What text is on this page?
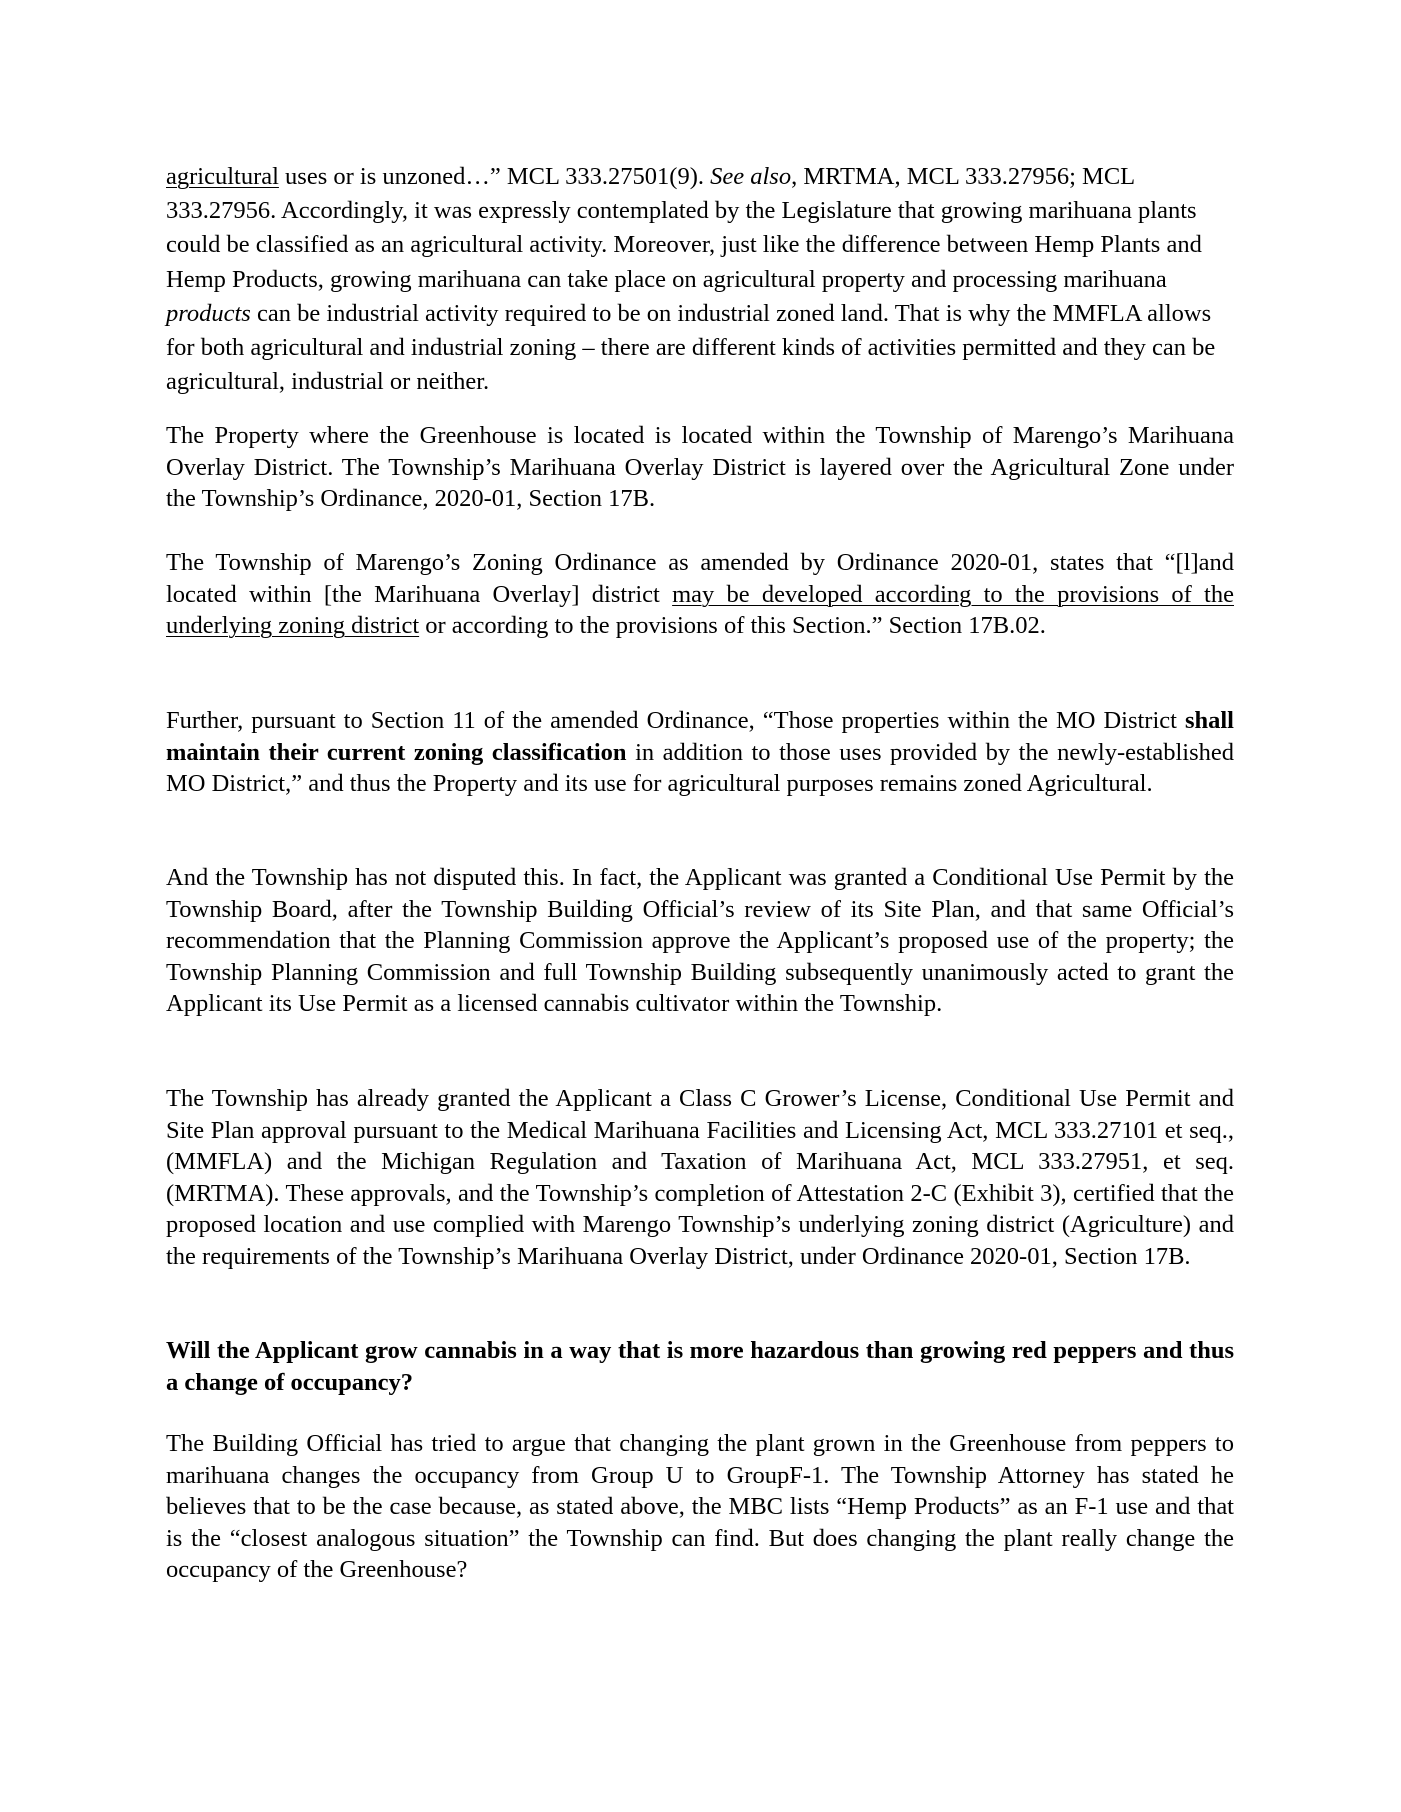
agricultural uses or is unzoned…” MCL 333.27501(9). See also, MRTMA, MCL 333.27956; MCL 333.27956. Accordingly, it was expressly contemplated by the Legislature that growing marihuana plants could be classified as an agricultural activity. Moreover, just like the difference between Hemp Plants and Hemp Products, growing marihuana can take place on agricultural property and processing marihuana products can be industrial activity required to be on industrial zoned land. That is why the MMFLA allows for both agricultural and industrial zoning – there are different kinds of activities permitted and they can be agricultural, industrial or neither.

The Property where the Greenhouse is located is located within the Township of Marengo’s Marihuana Overlay District. The Township’s Marihuana Overlay District is layered over the Agricultural Zone under the Township’s Ordinance, 2020-01, Section 17B.

The Township of Marengo’s Zoning Ordinance as amended by Ordinance 2020-01, states that “[l]and located within [the Marihuana Overlay] district may be developed according to the provisions of the underlying zoning district or according to the provisions of this Section.” Section 17B.02.

Further, pursuant to Section 11 of the amended Ordinance, “Those properties within the MO District shall maintain their current zoning classification in addition to those uses provided by the newly-established MO District,” and thus the Property and its use for agricultural purposes remains zoned Agricultural.

And the Township has not disputed this. In fact, the Applicant was granted a Conditional Use Permit by the Township Board, after the Township Building Official’s review of its Site Plan, and that same Official’s recommendation that the Planning Commission approve the Applicant’s proposed use of the property; the Township Planning Commission and full Township Building subsequently unanimously acted to grant the Applicant its Use Permit as a licensed cannabis cultivator within the Township.

The Township has already granted the Applicant a Class C Grower’s License, Conditional Use Permit and Site Plan approval pursuant to the Medical Marihuana Facilities and Licensing Act, MCL 333.27101 et seq., (MMFLA) and the Michigan Regulation and Taxation of Marihuana Act, MCL 333.27951, et seq. (MRTMA). These approvals, and the Township’s completion of Attestation 2-C (Exhibit 3), certified that the proposed location and use complied with Marengo Township’s underlying zoning district (Agriculture) and the requirements of the Township’s Marihuana Overlay District, under Ordinance 2020-01, Section 17B.

Will the Applicant grow cannabis in a way that is more hazardous than growing red peppers and thus a change of occupancy?

The Building Official has tried to argue that changing the plant grown in the Greenhouse from peppers to marihuana changes the occupancy from Group U to GroupF-1. The Township Attorney has stated he believes that to be the case because, as stated above, the MBC lists “Hemp Products” as an F-1 use and that is the “closest analogous situation” the Township can find. But does changing the plant really change the occupancy of the Greenhouse?
